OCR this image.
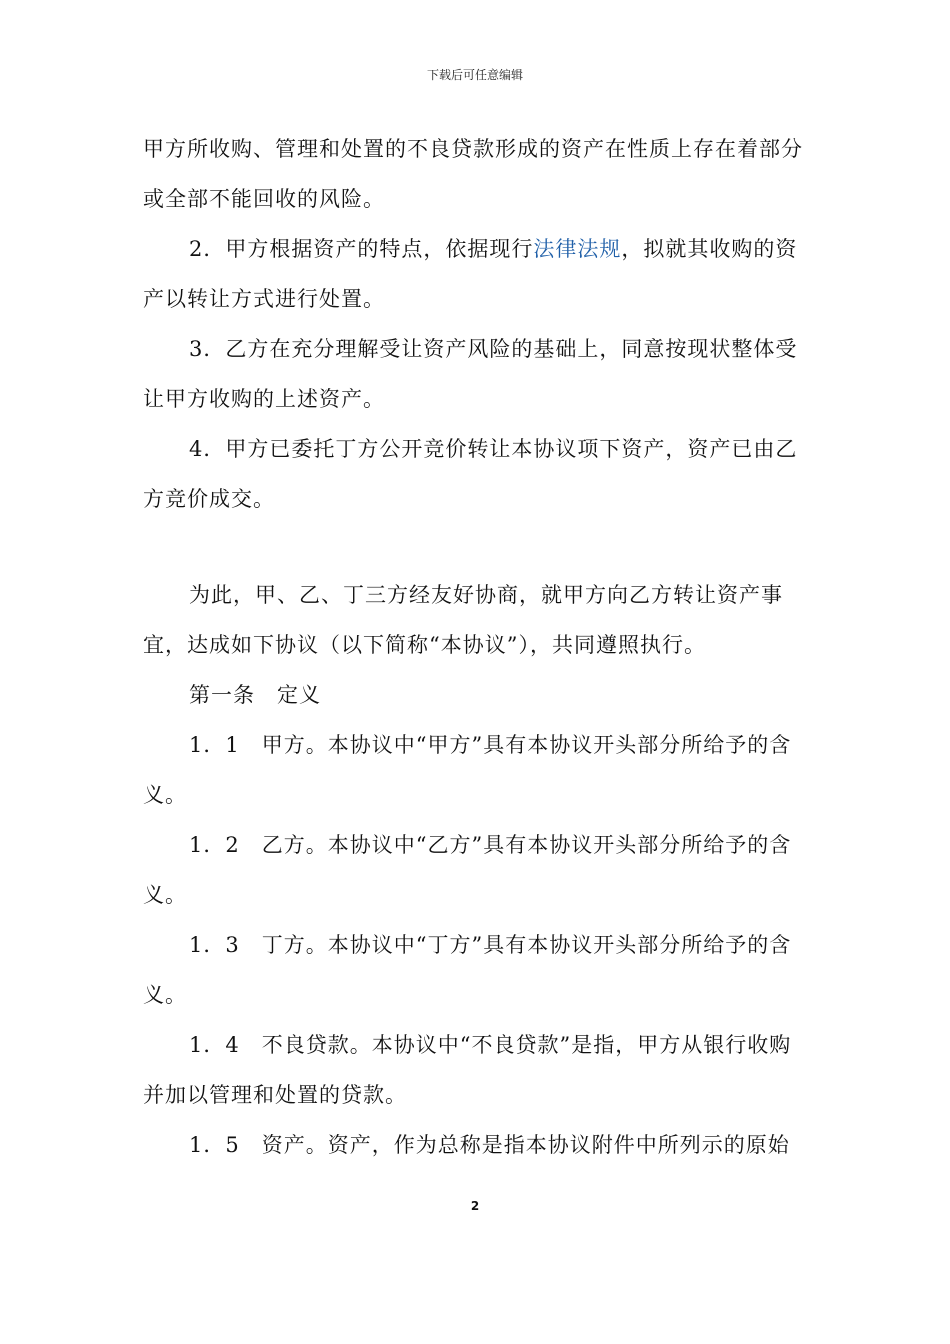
下载后可任意编辑

甲方所收购、管理和处置的不良贷款形成的资产在性质上存在着部分或全部不能回收的风险。

2．甲方根据资产的特点，依据现行法律法规，拟就其收购的资产以转让方式进行处置。

3．乙方在充分理解受让资产风险的基础上，同意按现状整体受让甲方收购的上述资产。

4．甲方已委托丁方公开竞价转让本协议项下资产，资产已由乙方竞价成交。

为此，甲、乙、丁三方经友好协商，就甲方向乙方转让资产事宜，达成如下协议（以下简称“本协议”），共同遵照执行。

第一条　定义

1．1　甲方。本协议中“甲方”具有本协议开头部分所给予的含义。

1．2　乙方。本协议中“乙方”具有本协议开头部分所给予的含义。

1．3　丁方。本协议中“丁方”具有本协议开头部分所给予的含义。

1．4　不良贷款。本协议中“不良贷款”是指，甲方从银行收购并加以管理和处置的贷款。

1．5　资产。资产，作为总称是指本协议附件中所列示的原始

2
